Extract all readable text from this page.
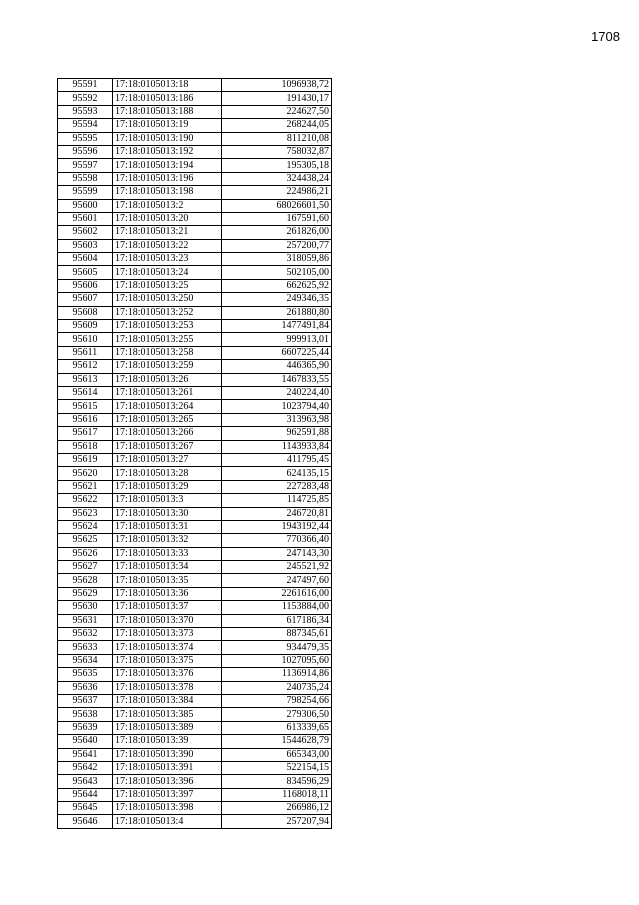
1708
95591	17:18:0105013:18	1096938,72
95592	17:18:0105013:186	191430,17
95593	17:18:0105013:188	224627,50
95594	17:18:0105013:19	268244,05
95595	17:18:0105013:190	811210,08
95596	17:18:0105013:192	758032,87
95597	17:18:0105013:194	195305,18
95598	17:18:0105013:196	324438,24
95599	17:18:0105013:198	224986,21
95600	17:18:0105013:2	68026601,50
95601	17:18:0105013:20	167591,60
95602	17:18:0105013:21	261826,00
95603	17:18:0105013:22	257200,77
95604	17:18:0105013:23	318059,86
95605	17:18:0105013:24	502105,00
95606	17:18:0105013:25	662625,92
95607	17:18:0105013:250	249346,35
95608	17:18:0105013:252	261880,80
95609	17:18:0105013:253	1477491,84
95610	17:18:0105013:255	999913,01
95611	17:18:0105013:258	6607225,44
95612	17:18:0105013:259	446365,90
95613	17:18:0105013:26	1467833,55
95614	17:18:0105013:261	240224,40
95615	17:18:0105013:264	1023794,40
95616	17:18:0105013:265	313963,98
95617	17:18:0105013:266	962591,88
95618	17:18:0105013:267	1143933,84
95619	17:18:0105013:27	411795,45
95620	17:18:0105013:28	624135,15
95621	17:18:0105013:29	227283,48
95622	17:18:0105013:3	114725,85
95623	17:18:0105013:30	246720,81
95624	17:18:0105013:31	1943192,44
95625	17:18:0105013:32	770366,40
95626	17:18:0105013:33	247143,30
95627	17:18:0105013:34	245521,92
95628	17:18:0105013:35	247497,60
95629	17:18:0105013:36	2261616,00
95630	17:18:0105013:37	1153884,00
95631	17:18:0105013:370	617186,34
95632	17:18:0105013:373	887345,61
95633	17:18:0105013:374	934479,35
95634	17:18:0105013:375	1027095,60
95635	17:18:0105013:376	1136914,86
95636	17:18:0105013:378	240735,24
95637	17:18:0105013:384	798254,66
95638	17:18:0105013:385	279306,50
95639	17:18:0105013:389	613339,65
95640	17:18:0105013:39	1544628,79
95641	17:18:0105013:390	665343,00
95642	17:18:0105013:391	522154,15
95643	17:18:0105013:396	834596,29
95644	17:18:0105013:397	1168018,11
95645	17:18:0105013:398	266986,12
95646	17:18:0105013:4	257207,94
